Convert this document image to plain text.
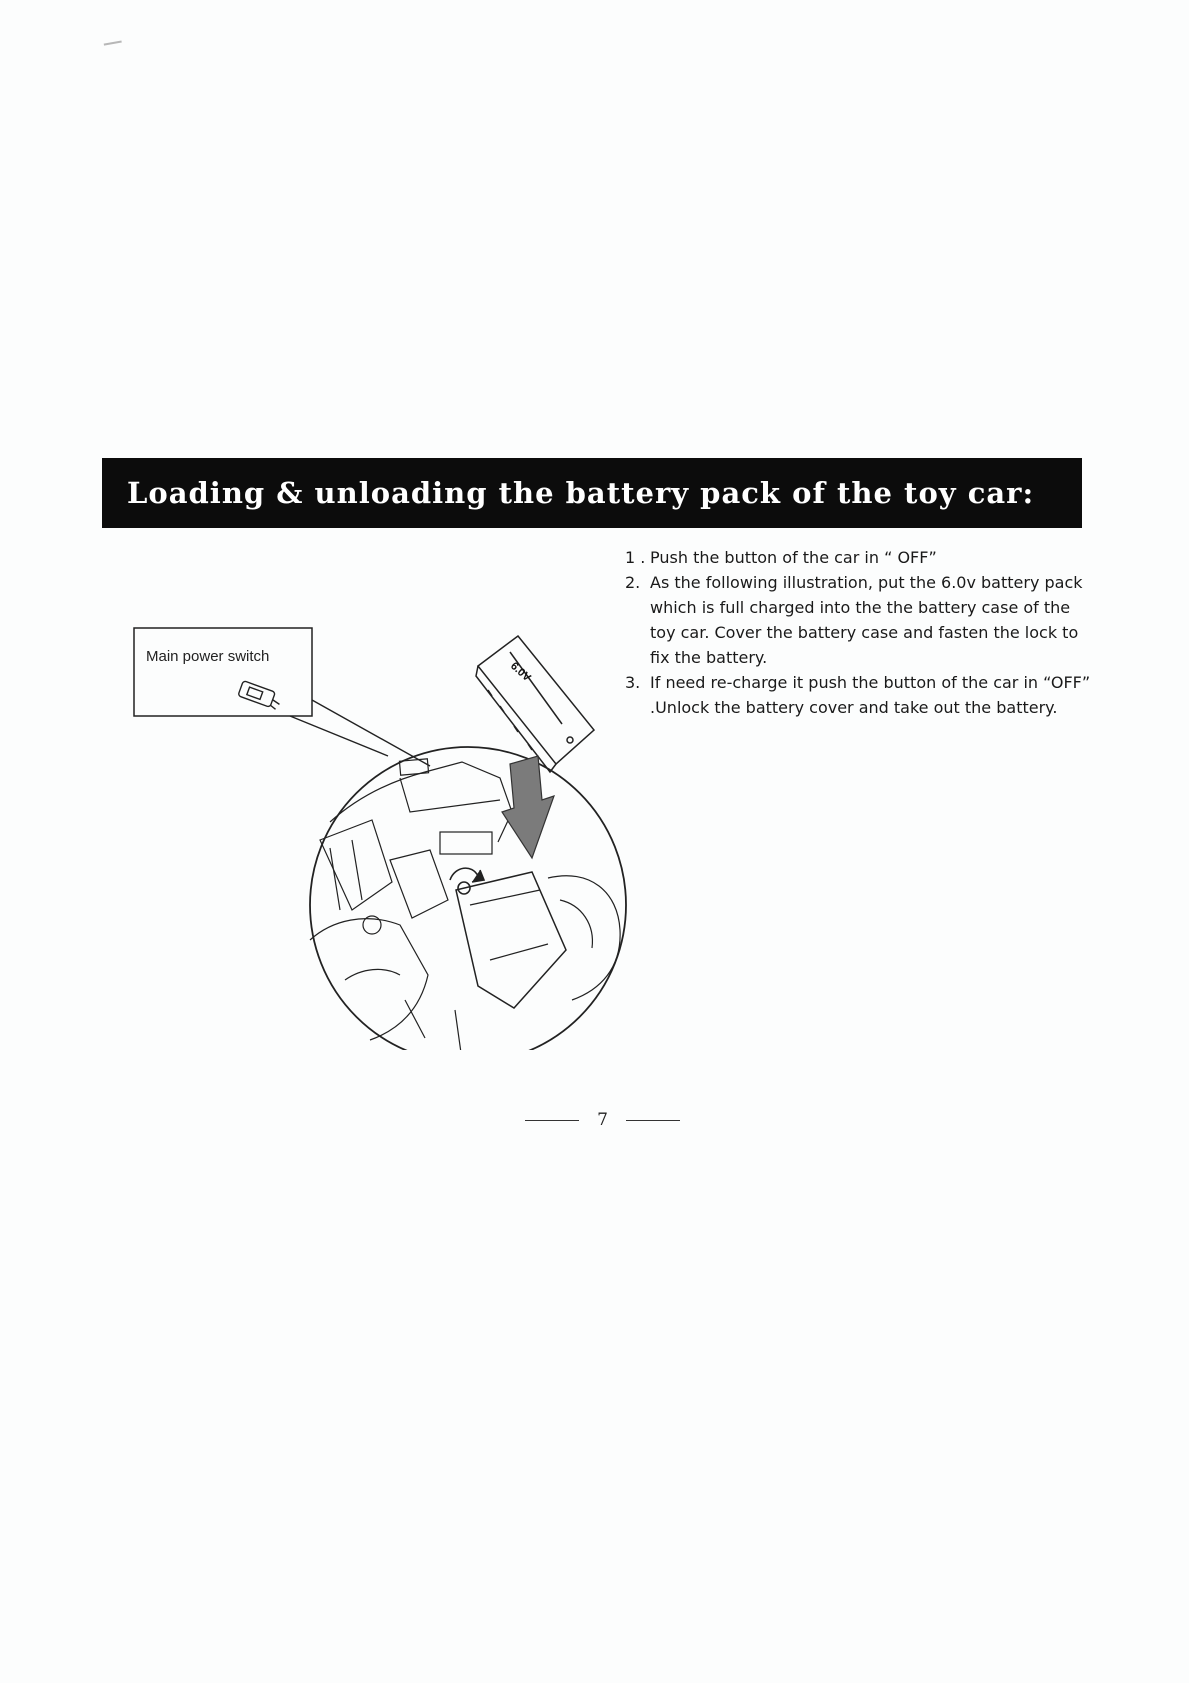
Loading & unloading the battery pack of the toy car:
1 . Push the button of the car in “ OFF”
2. As the following illustration, put the 6.0v battery pack which is full charged into the the battery case of the toy car. Cover the battery case and fasten the lock to fix the battery.
3. If need re-charge it push the button of the car in “OFF” .Unlock the battery cover and take out the battery.
Main power switch
6.0V
7
